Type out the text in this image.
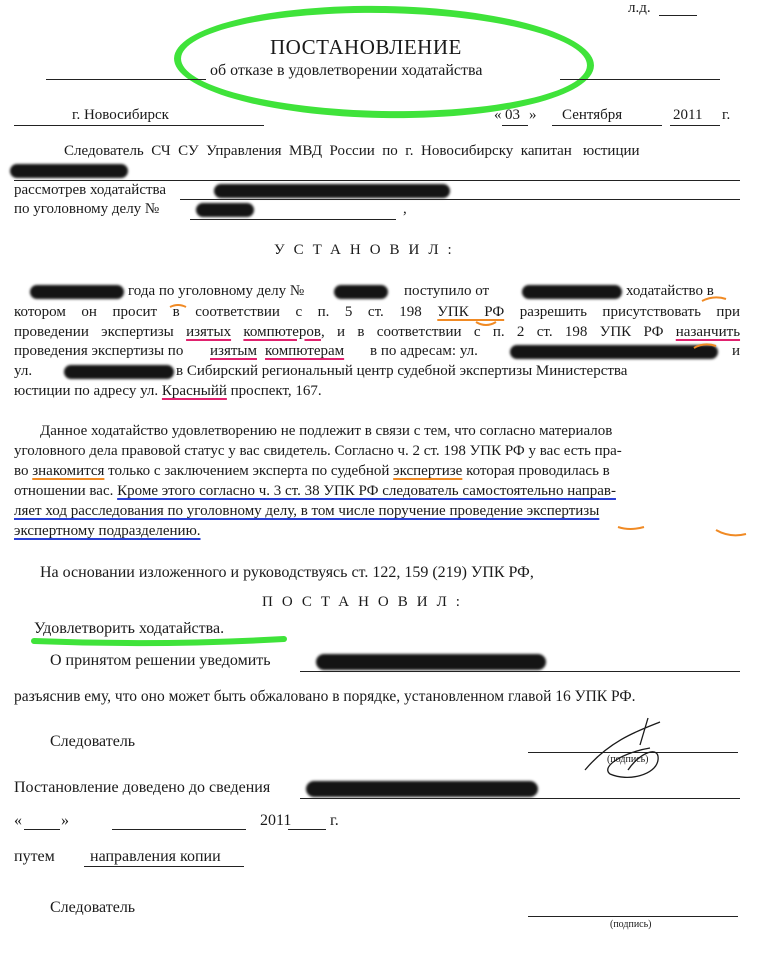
л.д.
ПОСТАНОВЛЕНИЕ
об отказе в удовлетворении ходатайства
г. Новосибирск	« 03 » Сентября	2011 г.
Следователь  СЧ  СУ  Управления  МВД  России  по  г.  Новосибирску  капитан   юстиции
рассмотрев ходатайства
по уголовному делу №	,
УСТАНОВИЛ:
года по уголовному делу №	поступило от	ходатайство в
котором он просит в соответствии с п. 5 ст. 198 УПК РФ разрешить присутствовать при
проведении экспертизы изятых компютеров, и в соответствии с п. 2 ст. 198 УПК РФ назанчить
проведения экспертизы по изятым компютерам в по адресам: ул.	и
ул.	в Сибирский региональный центр судебной экспертизы Министерства
юстиции по адресу ул. Красныйй проспект, 167.
Данное ходатайство удовлетворению не подлежит в связи с тем, что согласно материалов
уголовного дела правовой статус у вас свидетель. Согласно ч. 2 ст. 198 УПК РФ у вас есть пра-
во знакомится только с заключением эксперта по судебной экспертизе которая проводилась в
отношении вас. Кроме этого согласно ч. 3 ст. 38 УПК РФ следователь самостоятельно направ-
ляет ход расследования по уголовному делу, в том числе поручение проведение экспертизы
экспертному подразделению.
На основании изложенного и руководствуясь ст. 122, 159 (219) УПК РФ,
ПОСТАНОВИЛ:
Удовлетворить ходатайства.
О принятом решении уведомить
разъяснив ему, что оно может быть обжаловано в порядке, установленном главой 16 УПК РФ.
Следователь
(подпись)
Постановление доведено до сведения
« »	2011 г.
путем направления копии
Следователь
(подпись)
